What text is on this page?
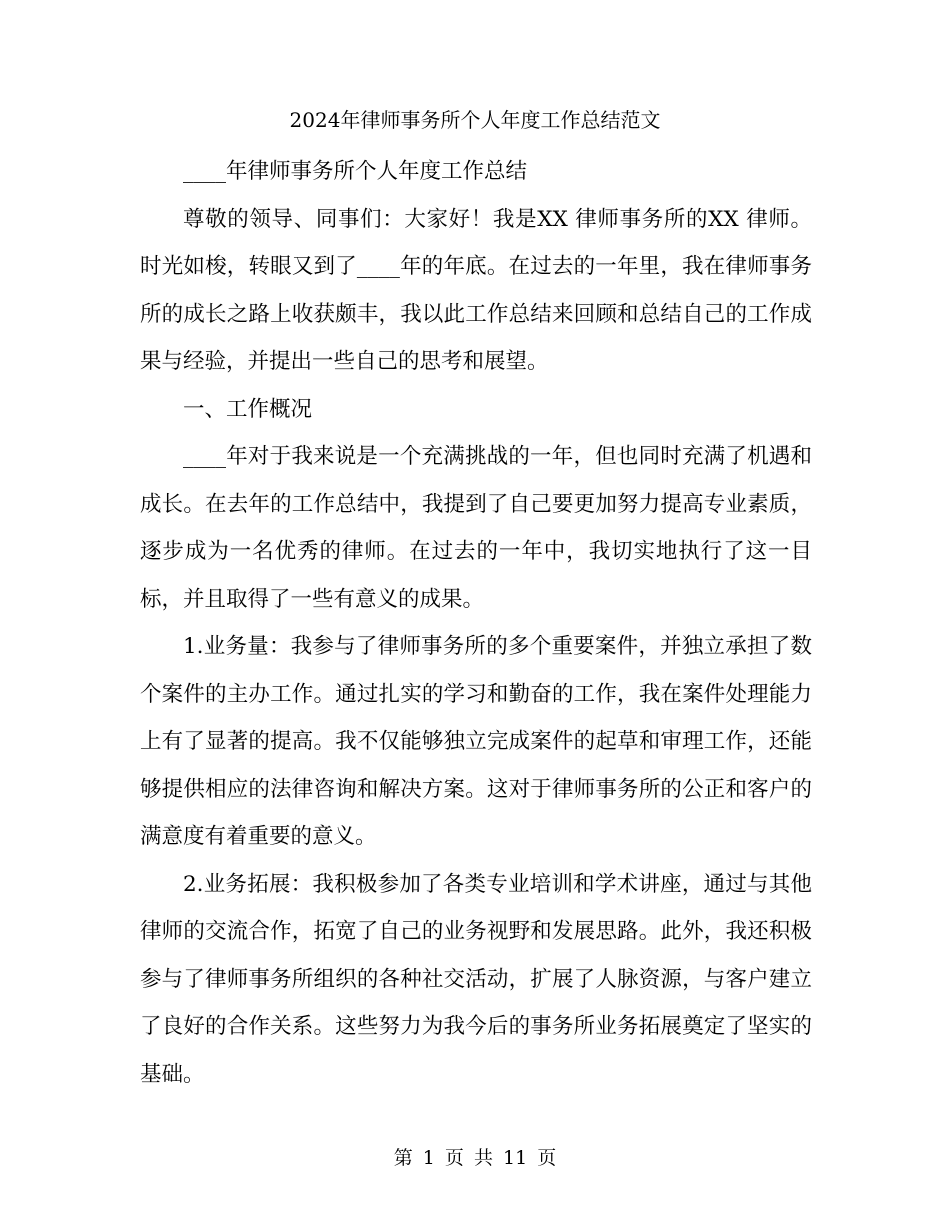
2024年律师事务所个人年度工作总结范文

____年律师事务所个人年度工作总结

尊敬的领导、同事们：大家好！我是XX 律师事务所的XX 律师。时光如梭，转眼又到了____年的年底。在过去的一年里，我在律师事务所的成长之路上收获颇丰，我以此工作总结来回顾和总结自己的工作成果与经验，并提出一些自己的思考和展望。

一、工作概况

____年对于我来说是一个充满挑战的一年，但也同时充满了机遇和成长。在去年的工作总结中，我提到了自己要更加努力提高专业素质，逐步成为一名优秀的律师。在过去的一年中，我切实地执行了这一目标，并且取得了一些有意义的成果。

1.业务量：我参与了律师事务所的多个重要案件，并独立承担了数个案件的主办工作。通过扎实的学习和勤奋的工作，我在案件处理能力上有了显著的提高。我不仅能够独立完成案件的起草和审理工作，还能够提供相应的法律咨询和解决方案。这对于律师事务所的公正和客户的满意度有着重要的意义。

2.业务拓展：我积极参加了各类专业培训和学术讲座，通过与其他律师的交流合作，拓宽了自己的业务视野和发展思路。此外，我还积极参与了律师事务所组织的各种社交活动，扩展了人脉资源，与客户建立了良好的合作关系。这些努力为我今后的事务所业务拓展奠定了坚实的基础。

第 1 页 共 11 页
